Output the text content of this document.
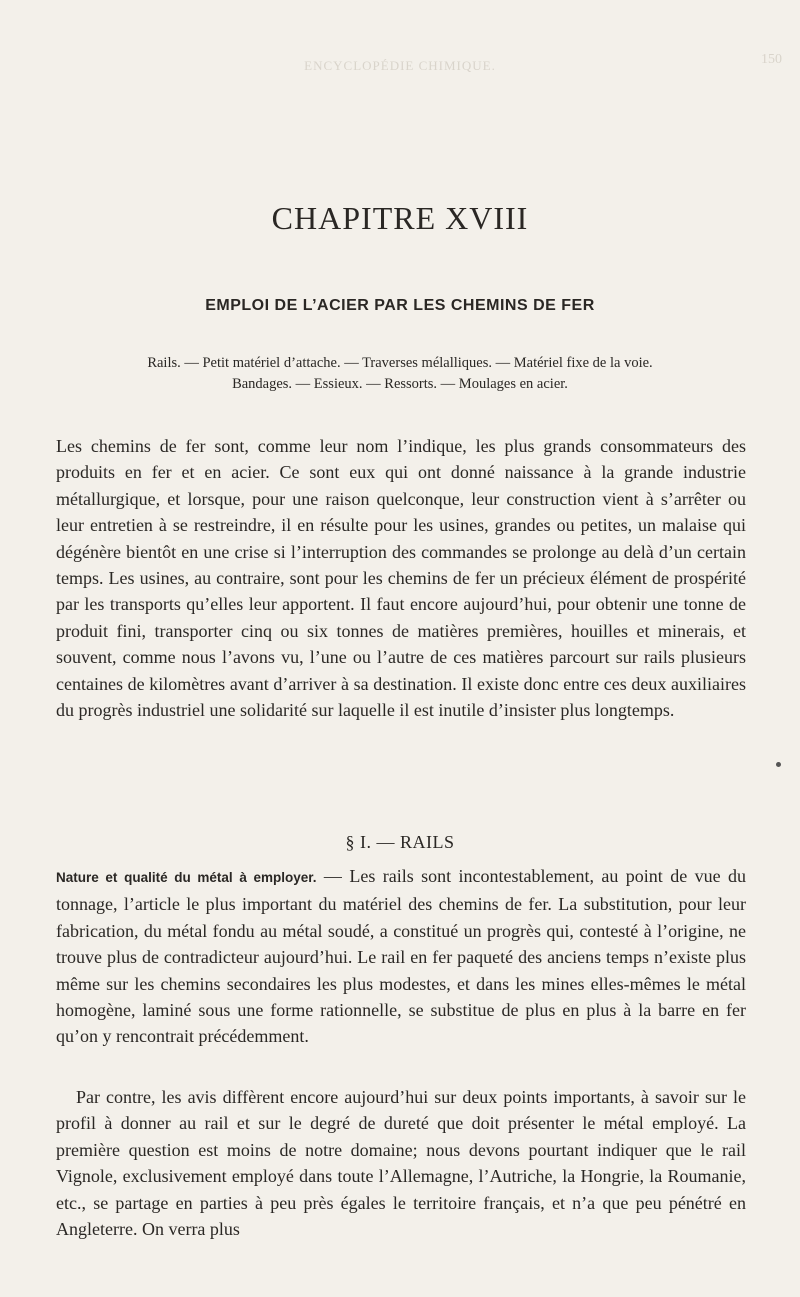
ENCYCLOPÉDIE CHIMIQUE.	150
CHAPITRE XVIII
EMPLOI DE L’ACIER PAR LES CHEMINS DE FER
Rails. — Petit matériel d’attache. — Traverses mélalliques. — Matériel fixe de la voie.
Bandages. — Essieux. — Ressorts. — Moulages en acier.

Les chemins de fer sont, comme leur nom l’indique, les plus grands consommateurs des produits en fer et en acier. Ce sont eux qui ont donné naissance à la grande industrie métallurgique, et lorsque, pour une raison quelconque, leur construction vient à s’arrêter ou leur entretien à se restreindre, il en résulte pour les usines, grandes ou petites, un malaise qui dégénère bientôt en une crise si l’interruption des commandes se prolonge au delà d’un certain temps. Les usines, au contraire, sont pour les chemins de fer un précieux élément de prospérité par les transports qu’elles leur apportent. Il faut encore aujourd’hui, pour obtenir une tonne de produit fini, transporter cinq ou six tonnes de matières premières, houilles et minerais, et souvent, comme nous l’avons vu, l’une ou l’autre de ces matières parcourt sur rails plusieurs centaines de kilomètres avant d’arriver à sa destination. Il existe donc entre ces deux auxiliaires du progrès industriel une solidarité sur laquelle il est inutile d’insister plus longtemps.

§ I. — RAILS

Nature et qualité du métal à employer. — Les rails sont incontestablement, au point de vue du tonnage, l’article le plus important du matériel des chemins de fer. La substitution, pour leur fabrication, du métal fondu au métal soudé, a constitué un progrès qui, contesté à l’origine, ne trouve plus de contradicteur aujourd’hui. Le rail en fer paqueté des anciens temps n’existe plus même sur les chemins secondaires les plus modestes, et dans les mines elles-mêmes le métal homogène, laminé sous une forme rationnelle, se substitue de plus en plus à la barre en fer qu’on y rencontrait précédemment.

Par contre, les avis diffèrent encore aujourd’hui sur deux points importants, à savoir sur le profil à donner au rail et sur le degré de dureté que doit présenter le métal employé. La première question est moins de notre domaine; nous devons pourtant indiquer que le rail Vignole, exclusivement employé dans toute l’Allemagne, l’Autriche, la Hongrie, la Roumanie, etc., se partage en parties à peu près égales le territoire français, et n’a que peu pénétré en Angleterre. On verra plus
